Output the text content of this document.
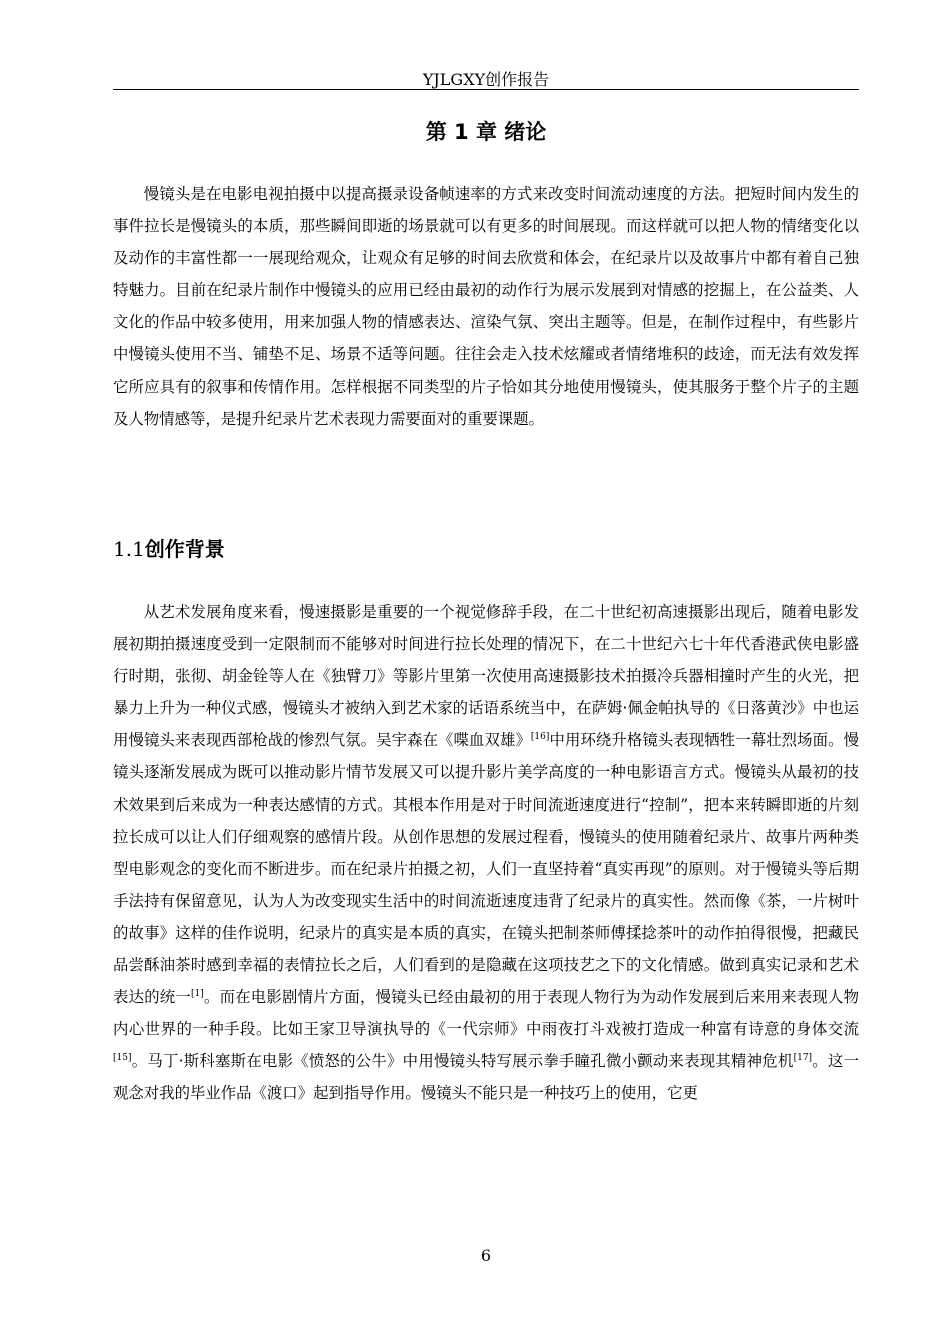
YJLGXY创作报告
第 1 章 绪论

慢镜头是在电影电视拍摄中以提高摄录设备帧速率的方式来改变时间流动速度的方法。把短时间内发生的事件拉长是慢镜头的本质，那些瞬间即逝的场景就可以有更多的时间展现。而这样就可以把人物的情绪变化以及动作的丰富性都一一展现给观众，让观众有足够的时间去欣赏和体会，在纪录片以及故事片中都有着自己独特魅力。目前在纪录片制作中慢镜头的应用已经由最初的动作行为展示发展到对情感的挖掘上，在公益类、人文化的作品中较多使用，用来加强人物的情感表达、渲染气氛、突出主题等。但是，在制作过程中，有些影片中慢镜头使用不当、铺垫不足、场景不适等问题。往往会走入技术炫耀或者情绪堆积的歧途，而无法有效发挥它所应具有的叙事和传情作用。怎样根据不同类型的片子恰如其分地使用慢镜头，使其服务于整个片子的主题及人物情感等，是提升纪录片艺术表现力需要面对的重要课题。

1.1创作背景

从艺术发展角度来看，慢速摄影是重要的一个视觉修辞手段，在二十世纪初高速摄影出现后，随着电影发展初期拍摄速度受到一定限制而不能够对时间进行拉长处理的情况下，在二十世纪六七十年代香港武侠电影盛行时期，张彻、胡金铨等人在《独臂刀》等影片里第一次使用高速摄影技术拍摄冷兵器相撞时产生的火光，把暴力上升为一种仪式感，慢镜头才被纳入到艺术家的话语系统当中，在萨姆·佩金帕执导的《日落黄沙》中也运用慢镜头来表现西部枪战的惨烈气氛。吴宇森在《喋血双雄》[16]中用环绕升格镜头表现牺牲一幕壮烈场面。慢镜头逐渐发展成为既可以推动影片情节发展又可以提升影片美学高度的一种电影语言方式。慢镜头从最初的技术效果到后来成为一种表达感情的方式。其根本作用是对于时间流逝速度进行“控制”，把本来转瞬即逝的片刻拉长成可以让人们仔细观察的感情片段。从创作思想的发展过程看，慢镜头的使用随着纪录片、故事片两种类型电影观念的变化而不断进步。而在纪录片拍摄之初，人们一直坚持着“真实再现”的原则。对于慢镜头等后期手法持有保留意见，认为人为改变现实生活中的时间流逝速度违背了纪录片的真实性。然而像《茶，一片树叶的故事》这样的佳作说明，纪录片的真实是本质的真实，在镜头把制茶师傅揉捻茶叶的动作拍得很慢，把藏民品尝酥油茶时感到幸福的表情拉长之后，人们看到的是隐藏在这项技艺之下的文化情感。做到真实记录和艺术表达的统一[1]。而在电影剧情片方面，慢镜头已经由最初的用于表现人物行为为动作发展到后来用来表现人物内心世界的一种手段。比如王家卫导演执导的《一代宗师》中雨夜打斗戏被打造成一种富有诗意的身体交流[15]。马丁·斯科塞斯在电影《愤怒的公牛》中用慢镜头特写展示拳手瞳孔微小颤动来表现其精神危机[17]。这一观念对我的毕业作品《渡口》起到指导作用。慢镜头不能只是一种技巧上的使用，它更

6
